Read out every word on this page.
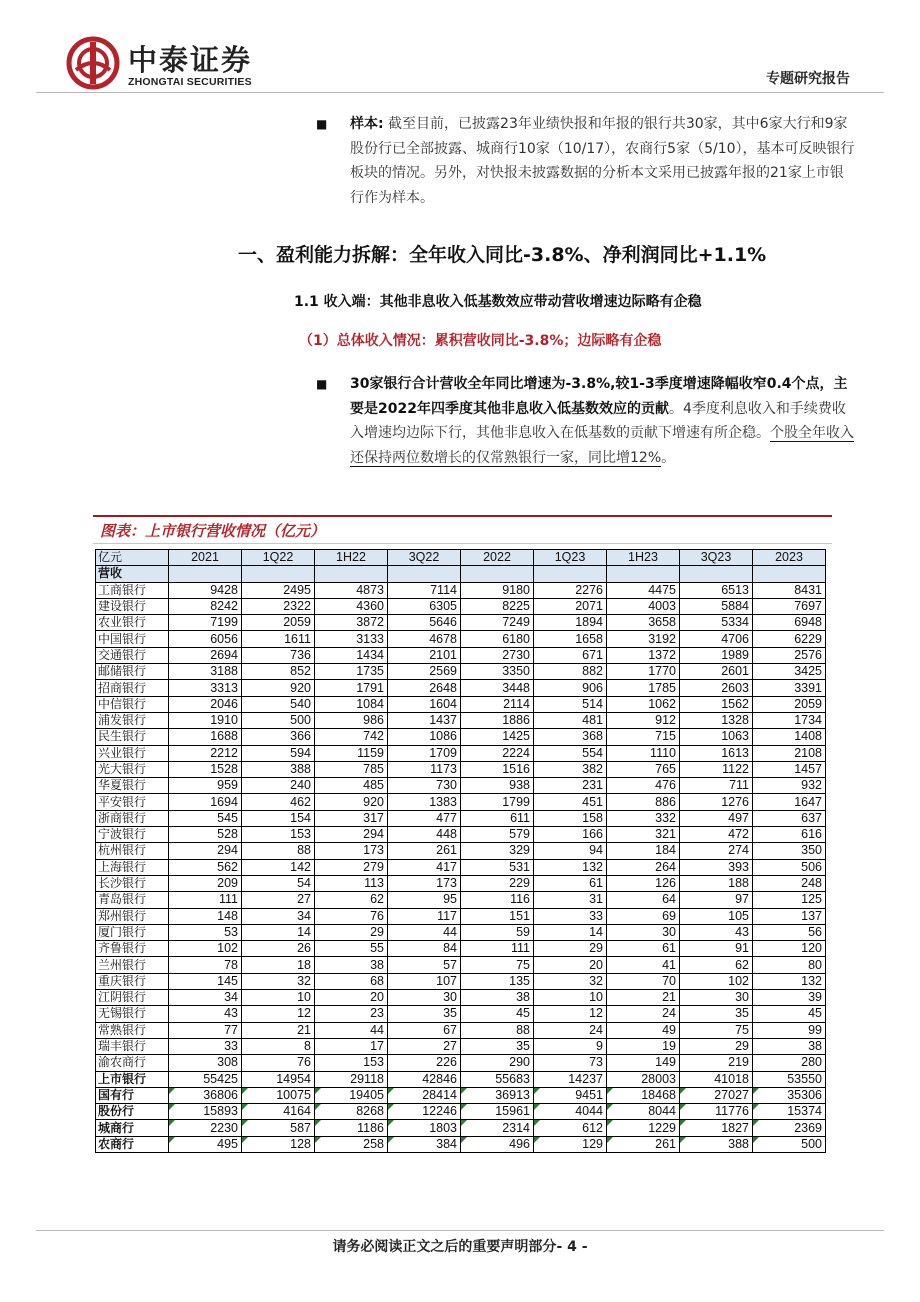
中泰证券
ZHONGTAI SECURITIES	专题研究报告
■ 样本: 截至目前，已披露23年业绩快报和年报的银行共30家，其中6家大行和9家股份行已全部披露、城商行10家（10/17），农商行5家（5/10），基本可反映银行板块的情况。另外，对快报未披露数据的分析本文采用已披露年报的21家上市银行作为样本。
一、盈利能力拆解：全年收入同比-3.8%、净利润同比+1.1%
1.1 收入端：其他非息收入低基数效应带动营收增速边际略有企稳
（1）总体收入情况：累积营收同比-3.8%；边际略有企稳
■ 30家银行合计营收全年同比增速为-3.8%,较1-3季度增速降幅收窄0.4个点，主要是2022年四季度其他非息收入低基数效应的贡献。4季度利息收入和手续费收入增速均边际下行，其他非息收入在低基数的贡献下增速有所企稳。个股全年收入还保持两位数增长的仅常熟银行一家，同比增12%。
图表：上市银行营收情况（亿元）
亿元	2021	1Q22	1H22	3Q22	2022	1Q23	1H23	3Q23	2023
营收									
工商银行	9428	2495	4873	7114	9180	2276	4475	6513	8431
建设银行	8242	2322	4360	6305	8225	2071	4003	5884	7697
农业银行	7199	2059	3872	5646	7249	1894	3658	5334	6948
中国银行	6056	1611	3133	4678	6180	1658	3192	4706	6229
交通银行	2694	736	1434	2101	2730	671	1372	1989	2576
邮储银行	3188	852	1735	2569	3350	882	1770	2601	3425
招商银行	3313	920	1791	2648	3448	906	1785	2603	3391
中信银行	2046	540	1084	1604	2114	514	1062	1562	2059
浦发银行	1910	500	986	1437	1886	481	912	1328	1734
民生银行	1688	366	742	1086	1425	368	715	1063	1408
兴业银行	2212	594	1159	1709	2224	554	1110	1613	2108
光大银行	1528	388	785	1173	1516	382	765	1122	1457
华夏银行	959	240	485	730	938	231	476	711	932
平安银行	1694	462	920	1383	1799	451	886	1276	1647
浙商银行	545	154	317	477	611	158	332	497	637
宁波银行	528	153	294	448	579	166	321	472	616
杭州银行	294	88	173	261	329	94	184	274	350
上海银行	562	142	279	417	531	132	264	393	506
长沙银行	209	54	113	173	229	61	126	188	248
青岛银行	111	27	62	95	116	31	64	97	125
郑州银行	148	34	76	117	151	33	69	105	137
厦门银行	53	14	29	44	59	14	30	43	56
齐鲁银行	102	26	55	84	111	29	61	91	120
兰州银行	78	18	38	57	75	20	41	62	80
重庆银行	145	32	68	107	135	32	70	102	132
江阴银行	34	10	20	30	38	10	21	30	39
无锡银行	43	12	23	35	45	12	24	35	45
常熟银行	77	21	44	67	88	24	49	75	99
瑞丰银行	33	8	17	27	35	9	19	29	38
渝农商行	308	76	153	226	290	73	149	219	280
上市银行	55425	14954	29118	42846	55683	14237	28003	41018	53550
国有行	36806	10075	19405	28414	36913	9451	18468	27027	35306
股份行	15893	4164	8268	12246	15961	4044	8044	11776	15374
城商行	2230	587	1186	1803	2314	612	1229	1827	2369
农商行	495	128	258	384	496	129	261	388	500
请务必阅读正文之后的重要声明部分- 4 -
